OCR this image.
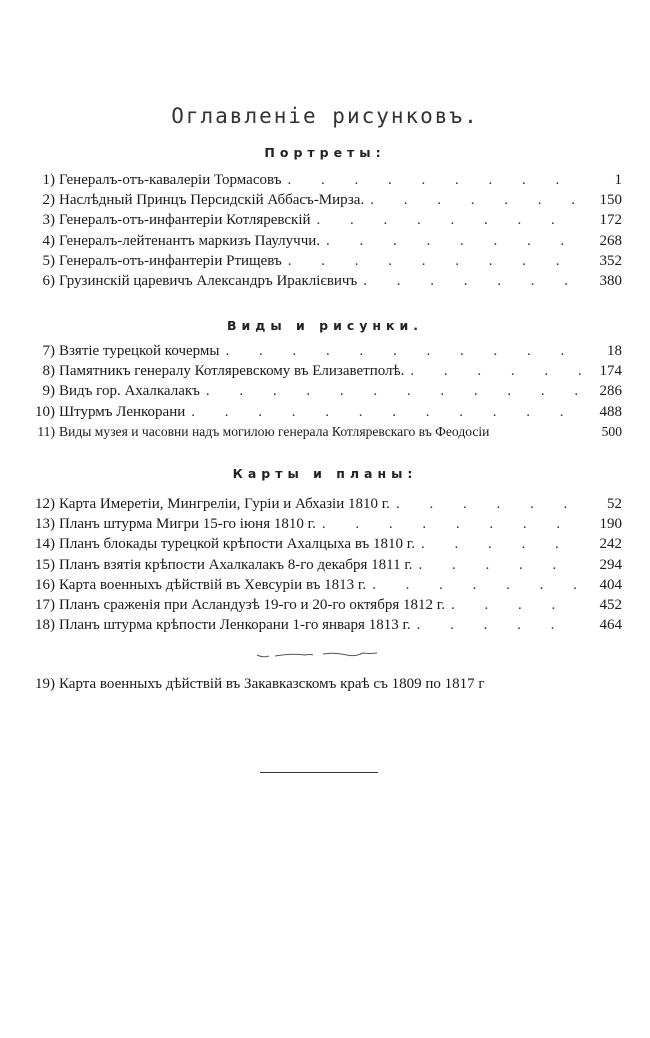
Оглавленіе рисунковъ.
Портреты:
1) Генералъ-отъ-кавалеріи Тормасовъ . . .	1
2) Наслѣдный Принцъ Персидскій Аббасъ-Мирза. . . .	150
3) Генералъ-отъ-инфантеріи Котляревскій . . .	172
4) Генералъ-лейтенантъ маркизъ Паулуччи. . . .	268
5) Генералъ-отъ-инфантеріи Ртищевъ . . .	352
6) Грузинскій царевичъ Александръ Ираклієвичъ . . .	380
Виды и рисунки.
7) Взятіе турецкой кочермы . . .	18
8) Памятникъ генералу Котляревскому въ Елизаветполѣ. . . .	174
9) Видъ гор. Ахалкалакъ . . .	286
10) Штурмъ Ленкорани . . .	488
11) Виды музея и часовни надъ могилою генерала Котляревскаго въ Феодосіи	500
Карты и планы:
12) Карта Имеретіи, Мингреліи, Гуріи и Абхазіи 1810 г. . . .	52
13) Планъ штурма Мигри 15-го іюня 1810 г. . . .	190
14) Планъ блокады турецкой крѣпости Ахалцыха въ 1810 г. . . .	242
15) Планъ взятія крѣпости Ахалкалакъ 8-го декабря 1811 г. . . .	294
16) Карта военныхъ дѣйствій въ Хевсуріи въ 1813 г. . . .	404
17) Планъ сраженія при Асландузѣ 19-го и 20-го октября 1812 г. . . .	452
18) Планъ штурма крѣпости Ленкорани 1-го января 1813 г. . . .	464
19) Карта военныхъ дѣйствій въ Закавказскомъ краѣ съ 1809 по 1817 г
